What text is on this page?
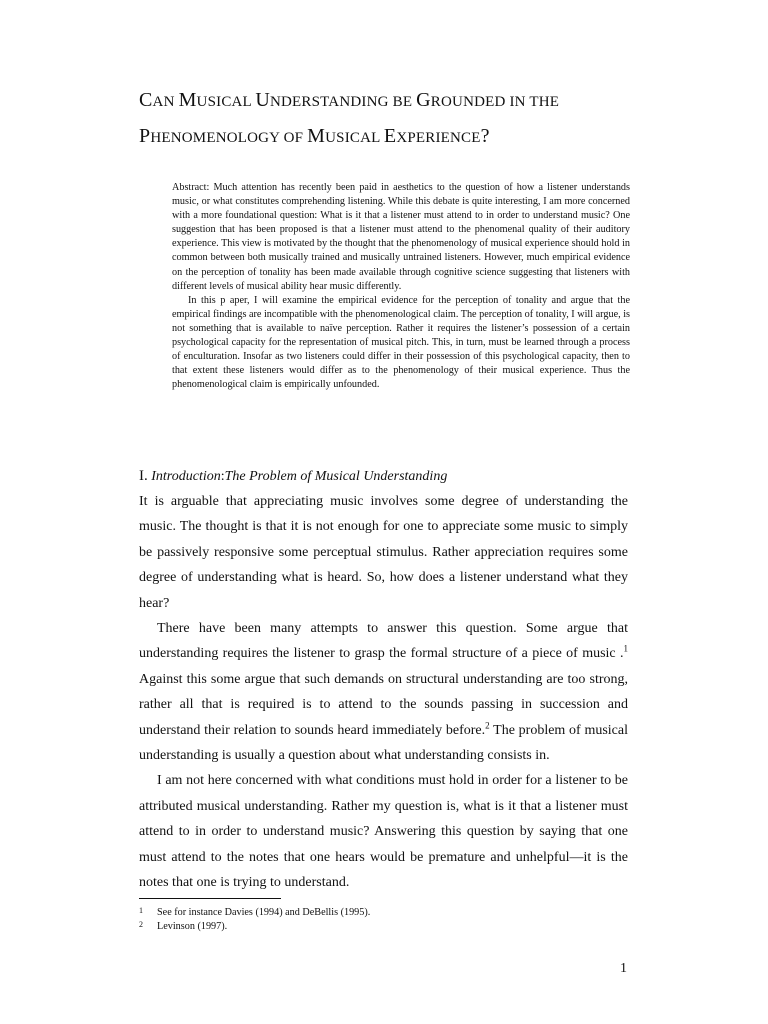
CAN MUSICAL UNDERSTANDING BE GROUNDED IN THE
PHENOMENOLOGY OF MUSICAL EXPERIENCE?

Abstract: Much attention has recently been paid in aesthetics to the question of how a listener understands music, or what constitutes comprehending listening. While this debate is quite interesting, I am more concerned with a more foundational question: What is it that a listener must attend to in order to understand music? One suggestion that has been proposed is that a listener must attend to the phenomenal quality of their auditory experience. This view is motivated by the thought that the phenomenology of musical experience should hold in common between both musically trained and musically untrained listeners. However, much empirical evidence on the perception of tonality has been made available through cognitive science suggesting that listeners with different levels of musical ability hear music differently.

In this p aper, I will examine the empirical evidence for the perception of tonality and argue that the empirical findings are incompatible with the phenomenological claim. The perception of tonality, I will argue, is not something that is available to naïve perception. Rather it requires the listener’s possession of a certain psychological capacity for the representation of musical pitch. This, in turn, must be learned through a process of enculturation. Insofar as two listeners could differ in their possession of this psychological capacity, then to that extent these listeners would differ as to the phenomenology of their musical experience. Thus the phenomenological claim is empirically unfounded.

I. Introduction:The Problem of Musical Understanding

It is arguable that appreciating music involves some degree of understanding the music. The thought is that it is not enough for one to appreciate some music to simply be passively responsive some perceptual stimulus. Rather appreciation requires some degree of understanding what is heard. So, how does a listener understand what they hear?

There have been many attempts to answer this question. Some argue that understanding requires the listener to grasp the formal structure of a piece of music .$^1$ Against this some argue that such demands on structural understanding are too strong, rather all that is required is to attend to the sounds passing in succession and understand their relation to sounds heard immediately before.$^2$ The problem of musical understanding is usually a question about what understanding consists in.

I am not here concerned with what conditions must hold in order for a listener to be attributed musical understanding. Rather my question is, what is it that a listener must attend to in order to understand music? Answering this question by saying that one must attend to the notes that one hears would be premature and unhelpful—it is the notes that one is trying to understand.

1	See for instance Davies (1994) and DeBellis (1995).
2	Levinson (1997).
1
